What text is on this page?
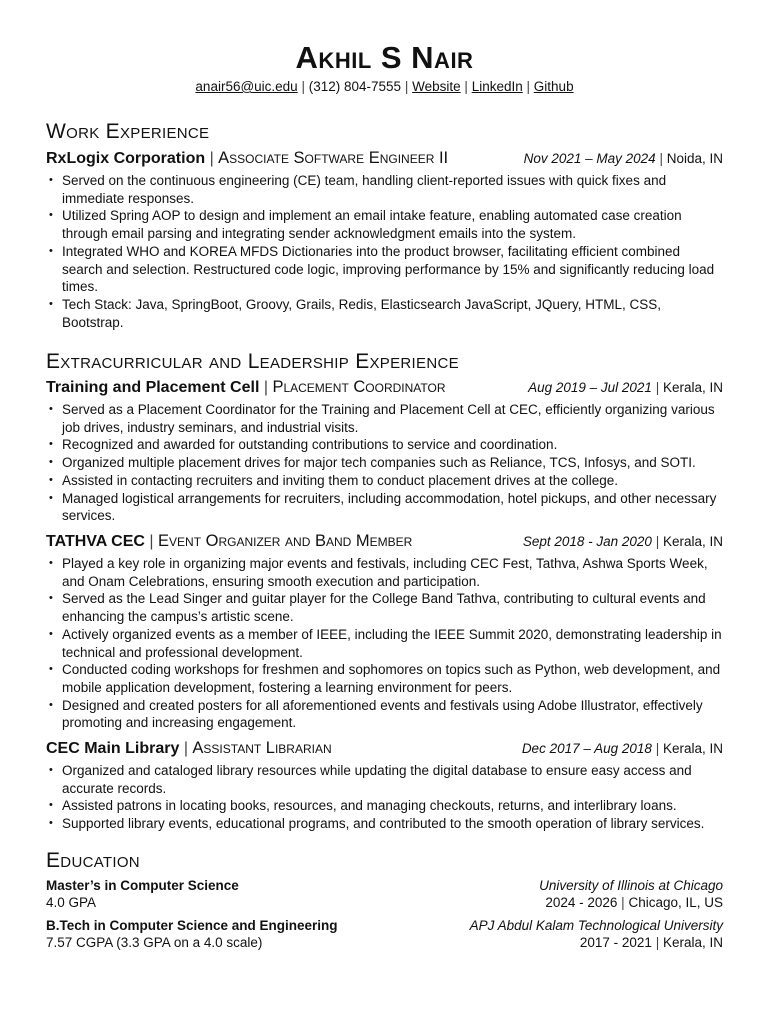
Akhil S Nair
anair56@uic.edu | (312) 804-7555 | Website | LinkedIn | Github
Work Experience
RxLogix Corporation | Associate Software Engineer II	Nov 2021 – May 2024 | Noida, IN
• Served on the continuous engineering (CE) team, handling client-reported issues with quick fixes and immediate responses.
• Utilized Spring AOP to design and implement an email intake feature, enabling automated case creation through email parsing and integrating sender acknowledgment emails into the system.
• Integrated WHO and KOREA MFDS Dictionaries into the product browser, facilitating efficient combined search and selection. Restructured code logic, improving performance by 15% and significantly reducing load times.
• Tech Stack: Java, SpringBoot, Groovy, Grails, Redis, Elasticsearch JavaScript, JQuery, HTML, CSS, Bootstrap.
Extracurricular and Leadership Experience
Training and Placement Cell | Placement Coordinator	Aug 2019 – Jul 2021 | Kerala, IN
• Served as a Placement Coordinator for the Training and Placement Cell at CEC, efficiently organizing various job drives, industry seminars, and industrial visits.
• Recognized and awarded for outstanding contributions to service and coordination.
• Organized multiple placement drives for major tech companies such as Reliance, TCS, Infosys, and SOTI.
• Assisted in contacting recruiters and inviting them to conduct placement drives at the college.
• Managed logistical arrangements for recruiters, including accommodation, hotel pickups, and other necessary services.
TATHVA CEC | Event Organizer and Band Member	Sept 2018 - Jan 2020 | Kerala, IN
• Played a key role in organizing major events and festivals, including CEC Fest, Tathva, Ashwa Sports Week, and Onam Celebrations, ensuring smooth execution and participation.
• Served as the Lead Singer and guitar player for the College Band Tathva, contributing to cultural events and enhancing the campus’s artistic scene.
• Actively organized events as a member of IEEE, including the IEEE Summit 2020, demonstrating leadership in technical and professional development.
• Conducted coding workshops for freshmen and sophomores on topics such as Python, web development, and mobile application development, fostering a learning environment for peers.
• Designed and created posters for all aforementioned events and festivals using Adobe Illustrator, effectively promoting and increasing engagement.
CEC Main Library | Assistant Librarian	Dec 2017 – Aug 2018 | Kerala, IN
• Organized and cataloged library resources while updating the digital database to ensure easy access and accurate records.
• Assisted patrons in locating books, resources, and managing checkouts, returns, and interlibrary loans.
• Supported library events, educational programs, and contributed to the smooth operation of library services.
Education
Master’s in Computer Science	University of Illinois at Chicago
4.0 GPA	2024 - 2026 | Chicago, IL, US
B.Tech in Computer Science and Engineering	APJ Abdul Kalam Technological University
7.57 CGPA (3.3 GPA on a 4.0 scale)	2017 - 2021 | Kerala, IN
